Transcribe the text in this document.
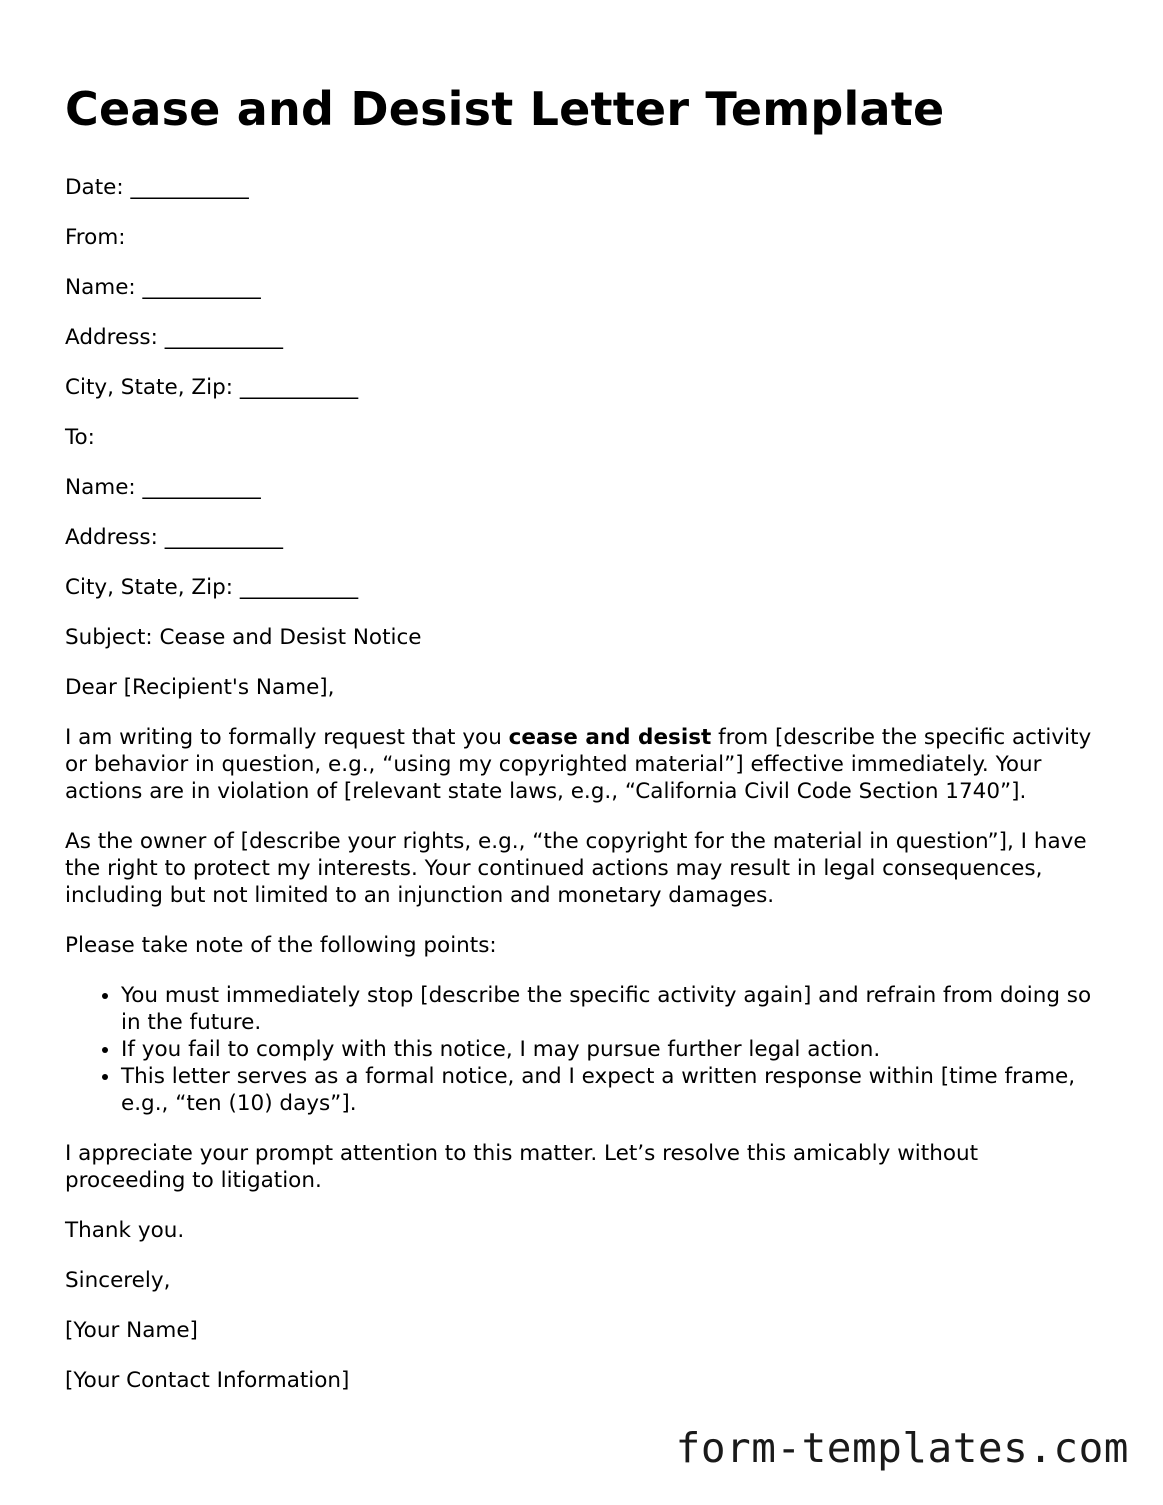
Cease and Desist Letter Template

Date: ___________

From:

Name: ___________

Address: ___________

City, State, Zip: ___________

To:

Name: ___________

Address: ___________

City, State, Zip: ___________

Subject: Cease and Desist Notice

Dear [Recipient's Name],

I am writing to formally request that you cease and desist from [describe the specific activity or behavior in question, e.g., “using my copyrighted material”] effective immediately. Your actions are in violation of [relevant state laws, e.g., “California Civil Code Section 1740”].

As the owner of [describe your rights, e.g., “the copyright for the material in question”], I have the right to protect my interests. Your continued actions may result in legal consequences, including but not limited to an injunction and monetary damages.

Please take note of the following points:

• You must immediately stop [describe the specific activity again] and refrain from doing so in the future.
• If you fail to comply with this notice, I may pursue further legal action.
• This letter serves as a formal notice, and I expect a written response within [time frame, e.g., “ten (10) days”].

I appreciate your prompt attention to this matter. Let’s resolve this amicably without proceeding to litigation.

Thank you.

Sincerely,

[Your Name]

[Your Contact Information]

form-templates.com
